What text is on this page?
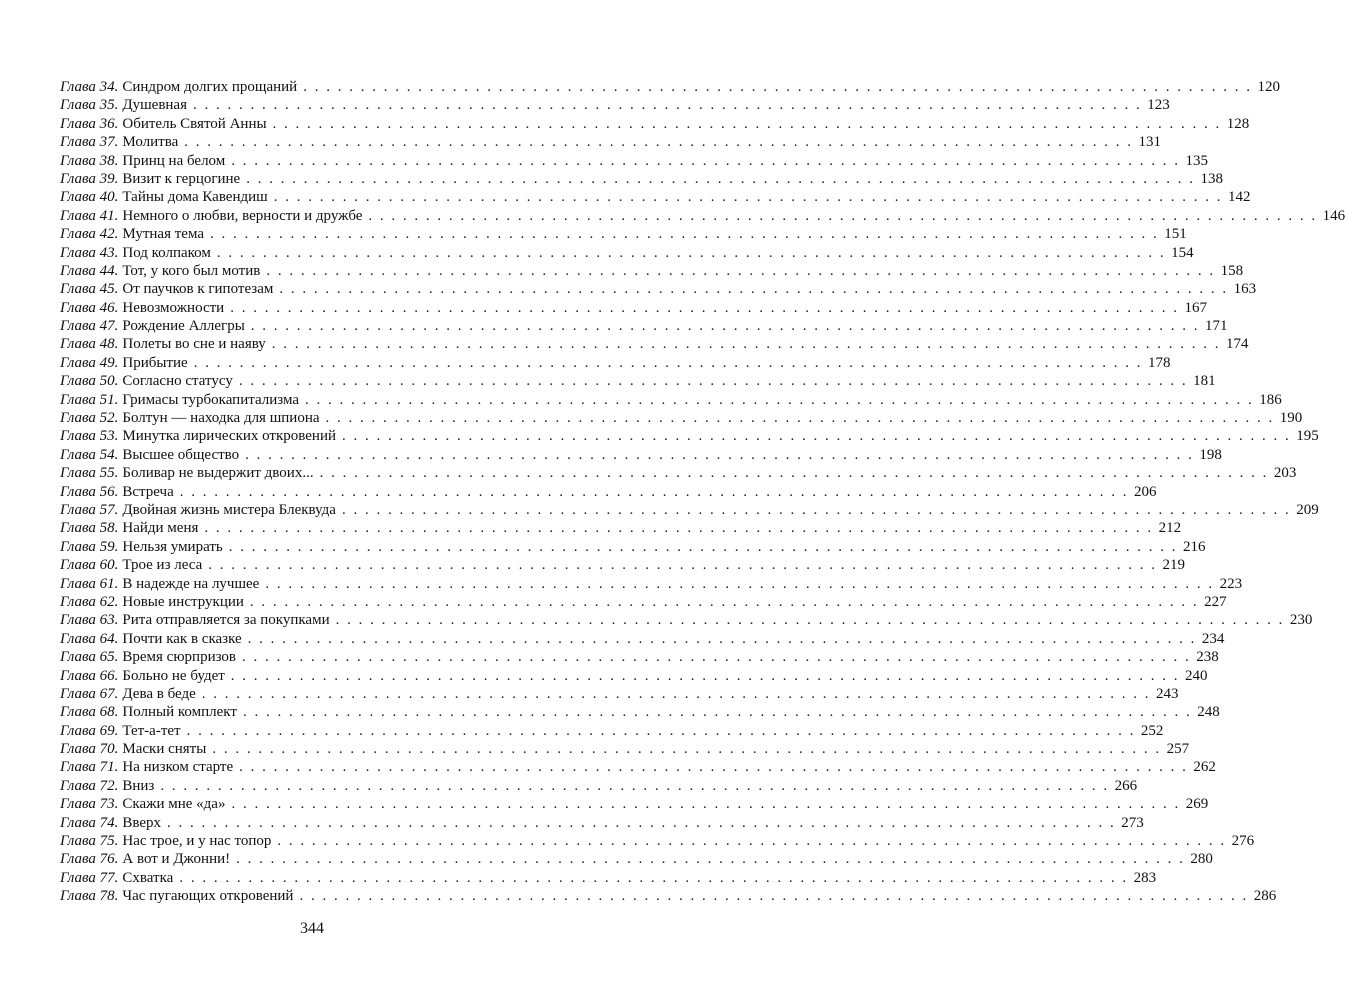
Глава 34. Синдром долгих прощаний . . .	120
Глава 35. Душевная . . .	123
Глава 36. Обитель Святой Анны . . .	128
Глава 37. Молитва . . .	131
Глава 38. Принц на белом . . .	135
Глава 39. Визит к герцогине . . .	138
Глава 40. Тайны дома Кавендиш . . .	142
Глава 41. Немного о любви, верности и дружбе . . .	146
Глава 42. Мутная тема . . .	151
Глава 43. Под колпаком . . .	154
Глава 44. Тот, у кого был мотив . . .	158
Глава 45. От паучков к гипотезам . . .	163
Глава 46. Невозможности . . .	167
Глава 47. Рождение Аллегры . . .	171
Глава 48. Полеты во сне и наяву . . .	174
Глава 49. Прибытие . . .	178
Глава 50. Согласно статусу . . .	181
Глава 51. Гримасы турбокапитализма . . .	186
Глава 52. Болтун — находка для шпиона . . .	190
Глава 53. Минутка лирических откровений . . .	195
Глава 54. Высшее общество . . .	198
Глава 55. Боливар не выдержит двоих... . . .	203
Глава 56. Встреча . . .	206
Глава 57. Двойная жизнь мистера Блеквуда . . .	209
Глава 58. Найди меня . . .	212
Глава 59. Нельзя умирать . . .	216
Глава 60. Трое из леса . . .	219
Глава 61. В надежде на лучшее . . .	223
Глава 62. Новые инструкции . . .	227
Глава 63. Рита отправляется за покупками . . .	230
Глава 64. Почти как в сказке . . .	234
Глава 65. Время сюрпризов . . .	238
Глава 66. Больно не будет . . .	240
Глава 67. Дева в беде . . .	243
Глава 68. Полный комплект . . .	248
Глава 69. Тет-а-тет . . .	252
Глава 70. Маски сняты . . .	257
Глава 71. На низком старте . . .	262
Глава 72. Вниз . . .	266
Глава 73. Скажи мне «да» . . .	269
Глава 74. Вверх . . .	273
Глава 75. Нас трое, и у нас топор . . .	276
Глава 76. А вот и Джонни! . . .	280
Глава 77. Схватка . . .	283
Глава 78. Час пугающих откровений . . .	286
344
